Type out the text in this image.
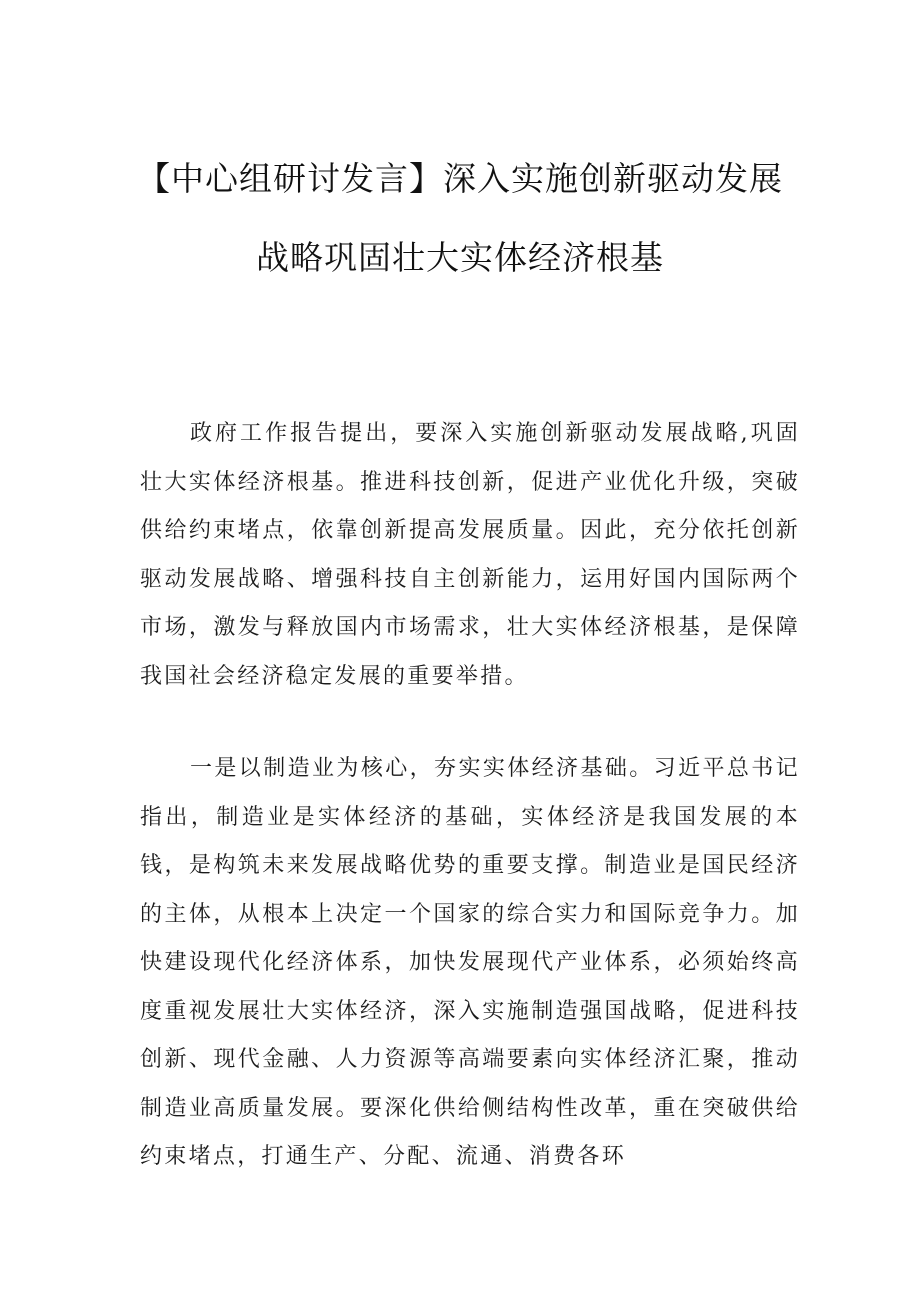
【中心组研讨发言】深入实施创新驱动发展
战略巩固壮大实体经济根基

政府工作报告提出，要深入实施创新驱动发展战略,巩固壮大实体经济根基。推进科技创新，促进产业优化升级，突破供给约束堵点，依靠创新提高发展质量。因此，充分依托创新驱动发展战略、增强科技自主创新能力，运用好国内国际两个市场，激发与释放国内市场需求，壮大实体经济根基，是保障我国社会经济稳定发展的重要举措。

一是以制造业为核心，夯实实体经济基础。习近平总书记指出，制造业是实体经济的基础，实体经济是我国发展的本钱，是构筑未来发展战略优势的重要支撑。制造业是国民经济的主体，从根本上决定一个国家的综合实力和国际竞争力。加快建设现代化经济体系，加快发展现代产业体系，必须始终高度重视发展壮大实体经济，深入实施制造强国战略，促进科技创新、现代金融、人力资源等高端要素向实体经济汇聚，推动制造业高质量发展。要深化供给侧结构性改革，重在突破供给约束堵点，打通生产、分配、流通、消费各环
